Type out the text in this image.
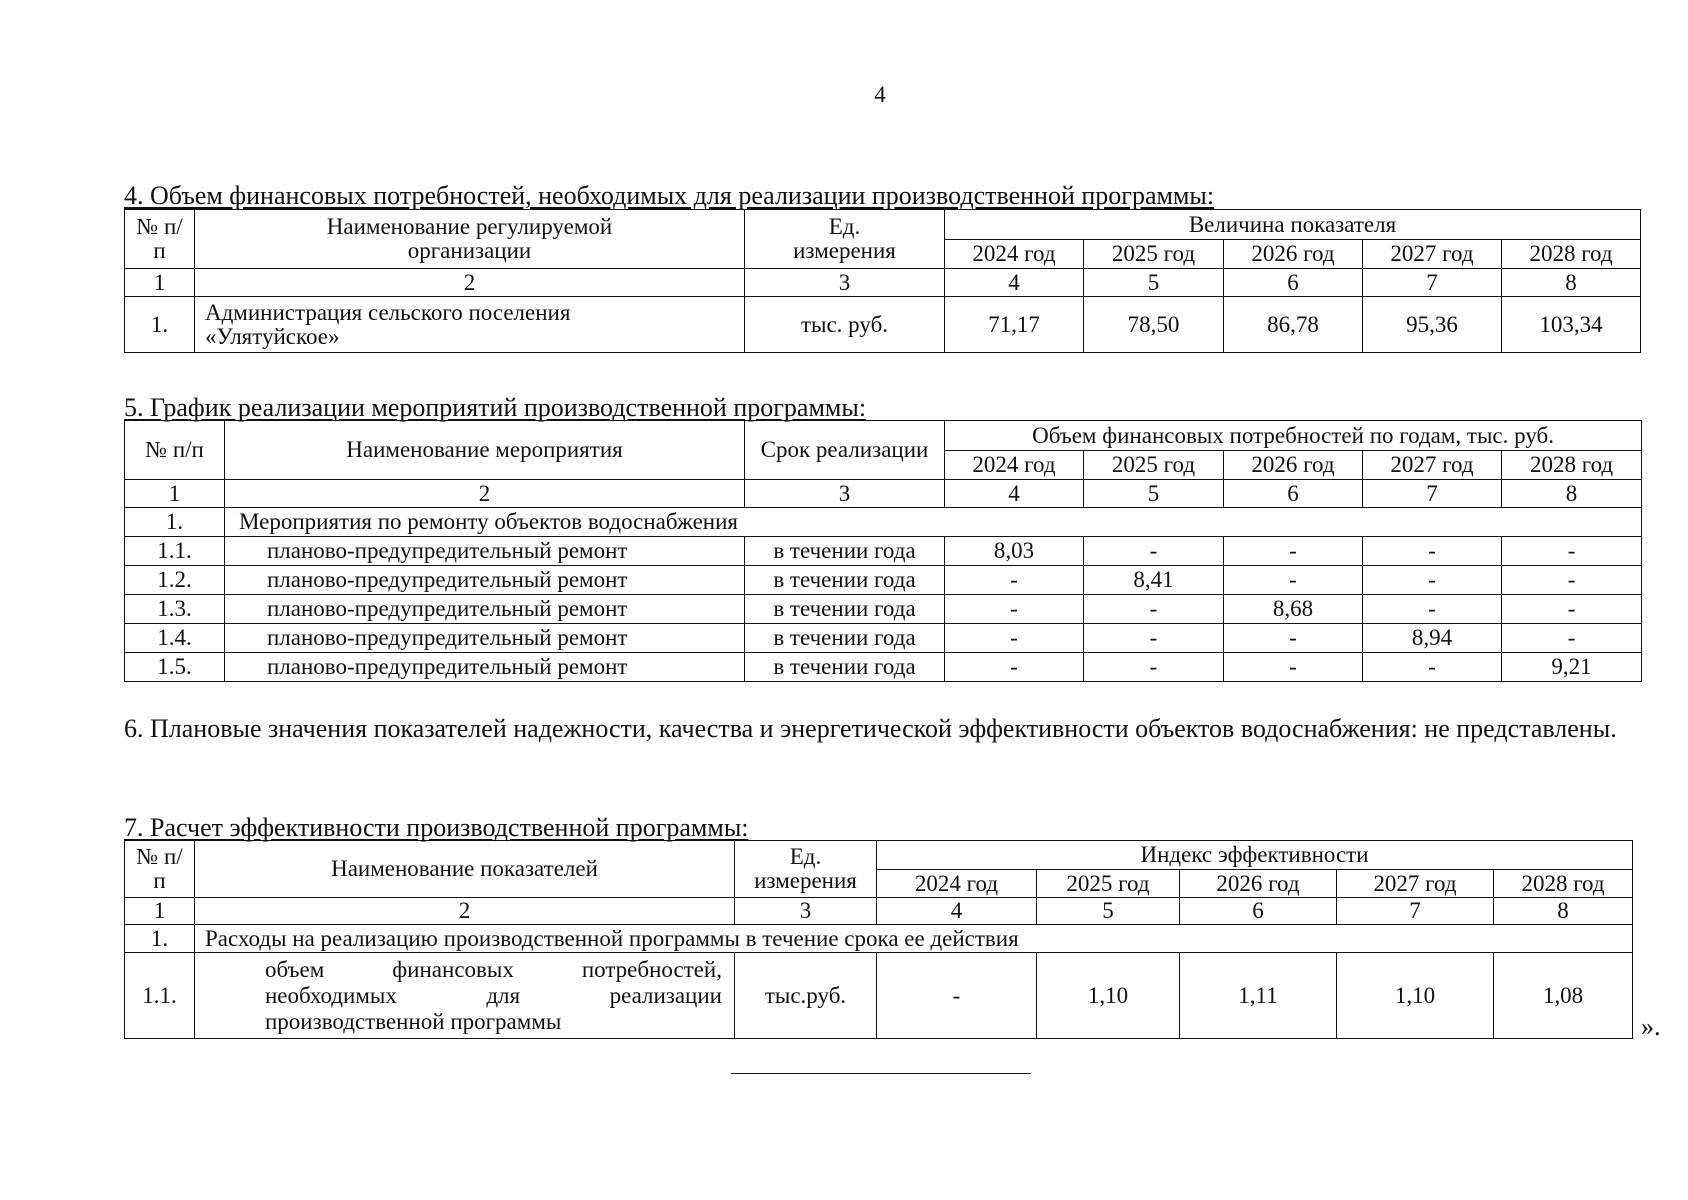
4
4. Объем финансовых потребностей, необходимых для реализации производственной программы:
№ п/п	Наименование регулируемой организации	Ед. измерения	Величина показателя				
			2024 год	2025 год	2026 год	2027 год	2028 год
1	2	3	4	5	6	7	8
1.	Администрация сельского поселения «Улятуйское»	тыс. руб.	71,17	78,50	86,78	95,36	103,34
5. График реализации мероприятий производственной программы:
№ п/п	Наименование мероприятия	Срок реализации	Объем финансовых потребностей по годам, тыс. руб.				
			2024 год	2025 год	2026 год	2027 год	2028 год
1	2	3	4	5	6	7	8
1.	Мероприятия по ремонту объектов водоснабжения						
1.1.	планово-предупредительный ремонт	в течении года	8,03	-	-	-	-
1.2.	планово-предупредительный ремонт	в течении года	-	8,41	-	-	-
1.3.	планово-предупредительный ремонт	в течении года	-	-	8,68	-	-
1.4.	планово-предупредительный ремонт	в течении года	-	-	-	8,94	-
1.5.	планово-предупредительный ремонт	в течении года	-	-	-	-	9,21
6. Плановые значения показателей надежности, качества и энергетической эффективности объектов водоснабжения: не представлены.
7. Расчет эффективности производственной программы:
№ п/п	Наименование показателей	Ед. измерения	Индекс эффективности				
			2024 год	2025 год	2026 год	2027 год	2028 год
1	2	3	4	5	6	7	8
1.	Расходы на реализацию производственной программы в течение срока ее действия						
1.1.	объем финансовых потребностей, необходимых для реализации производственной программы	тыс.руб.	-	1,10	1,11	1,10	1,08
».
